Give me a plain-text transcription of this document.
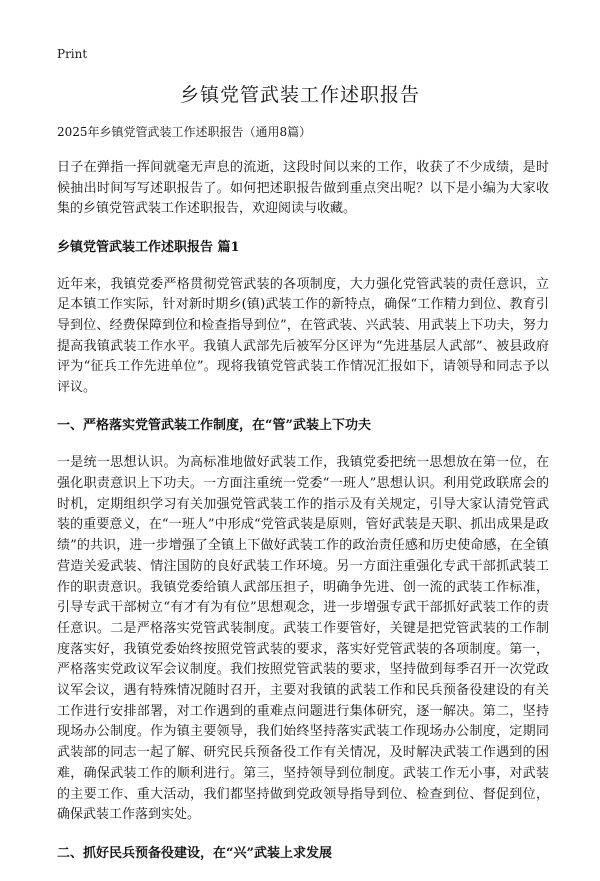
Print
乡镇党管武装工作述职报告

2025年乡镇党管武装工作述职报告（通用8篇）

日子在弹指一挥间就毫无声息的流逝，这段时间以来的工作，收获了不少成绩，是时候抽出时间写写述职报告了。如何把述职报告做到重点突出呢？以下是小编为大家收集的乡镇党管武装工作述职报告，欢迎阅读与收藏。

乡镇党管武装工作述职报告 篇1

近年来，我镇党委严格贯彻党管武装的各项制度，大力强化党管武装的责任意识，立足本镇工作实际，针对新时期乡(镇)武装工作的新特点，确保“工作精力到位、教育引导到位、经费保障到位和检查指导到位”，在管武装、兴武装、用武装上下功夫，努力提高我镇武装工作水平。我镇人武部先后被军分区评为“先进基层人武部”、被县政府评为“征兵工作先进单位”。现将我镇党管武装工作情况汇报如下，请领导和同志予以评议。

一、严格落实党管武装工作制度，在“管”武装上下功夫

一是统一思想认识。为高标准地做好武装工作，我镇党委把统一思想放在第一位，在强化职责意识上下功夫。一方面注重统一党委“一班人”思想认识。利用党政联席会的时机，定期组织学习有关加强党管武装工作的指示及有关规定，引导大家认清党管武装的重要意义，在“一班人”中形成“党管武装是原则，管好武装是天职、抓出成果是政绩”的共识，进一步增强了全镇上下做好武装工作的政治责任感和历史使命感，在全镇营造关爱武装、情注国防的良好武装工作环境。另一方面注重强化专武干部抓武装工作的职责意识。我镇党委给镇人武部压担子，明确争先进、创一流的武装工作标准，引导专武干部树立“有才有为有位”思想观念，进一步增强专武干部抓好武装工作的责任意识。二是严格落实党管武装制度。武装工作要管好，关键是把党管武装的工作制度落实好，我镇党委始终按照党管武装的要求，落实好党管武装的各项制度。第一，严格落实党政议军会议制度。我们按照党管武装的要求，坚持做到每季召开一次党政议军会议，遇有特殊情况随时召开，主要对我镇的武装工作和民兵预备役建设的有关工作进行安排部署，对工作遇到的重难点问题进行集体研究，逐一解决。第二，坚持现场办公制度。作为镇主要领导，我们始终坚持落实武装工作现场办公制度，定期同武装部的同志一起了解、研究民兵预备役工作有关情况，及时解决武装工作遇到的困难，确保武装工作的顺利进行。第三，坚持领导到位制度。武装工作无小事，对武装的主要工作、重大活动，我们都坚持做到党政领导指导到位、检查到位、督促到位，确保武装工作落到实处。

二、抓好民兵预备役建设，在“兴”武装上求发展
